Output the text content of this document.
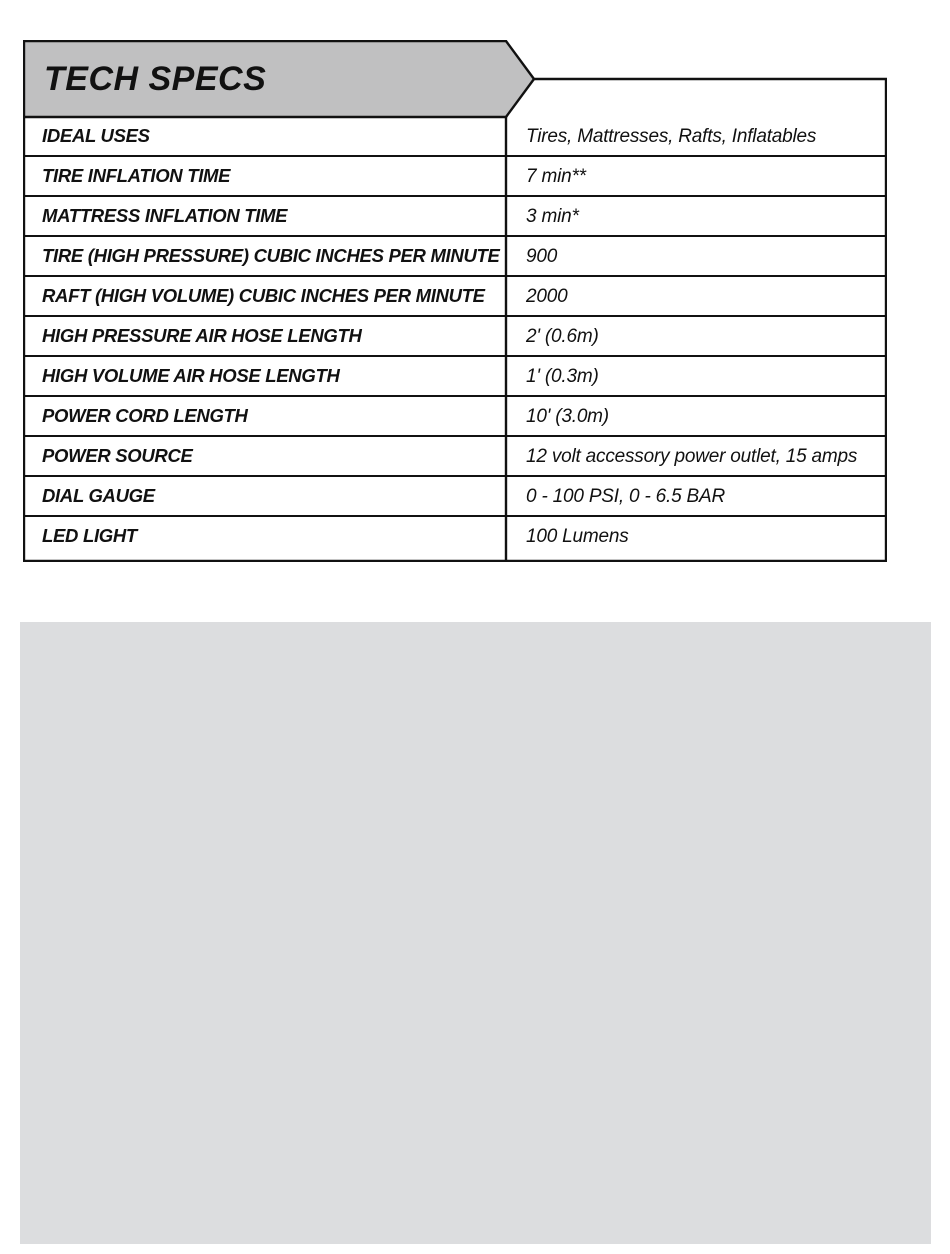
TECH SPECS
IDEAL USES	Tires, Mattresses, Rafts, Inflatables
TIRE INFLATION TIME	7 min**
MATTRESS INFLATION TIME	3 min*
TIRE (HIGH PRESSURE) CUBIC INCHES PER MINUTE	900
RAFT (HIGH VOLUME) CUBIC INCHES PER MINUTE	2000
HIGH PRESSURE AIR HOSE LENGTH	2' (0.6m)
HIGH VOLUME AIR HOSE LENGTH	1' (0.3m)
POWER CORD LENGTH	10' (3.0m)
POWER SOURCE	12 volt accessory power outlet, 15 amps
DIAL GAUGE	0 - 100 PSI, 0 - 6.5 BAR
LED LIGHT	100 Lumens
